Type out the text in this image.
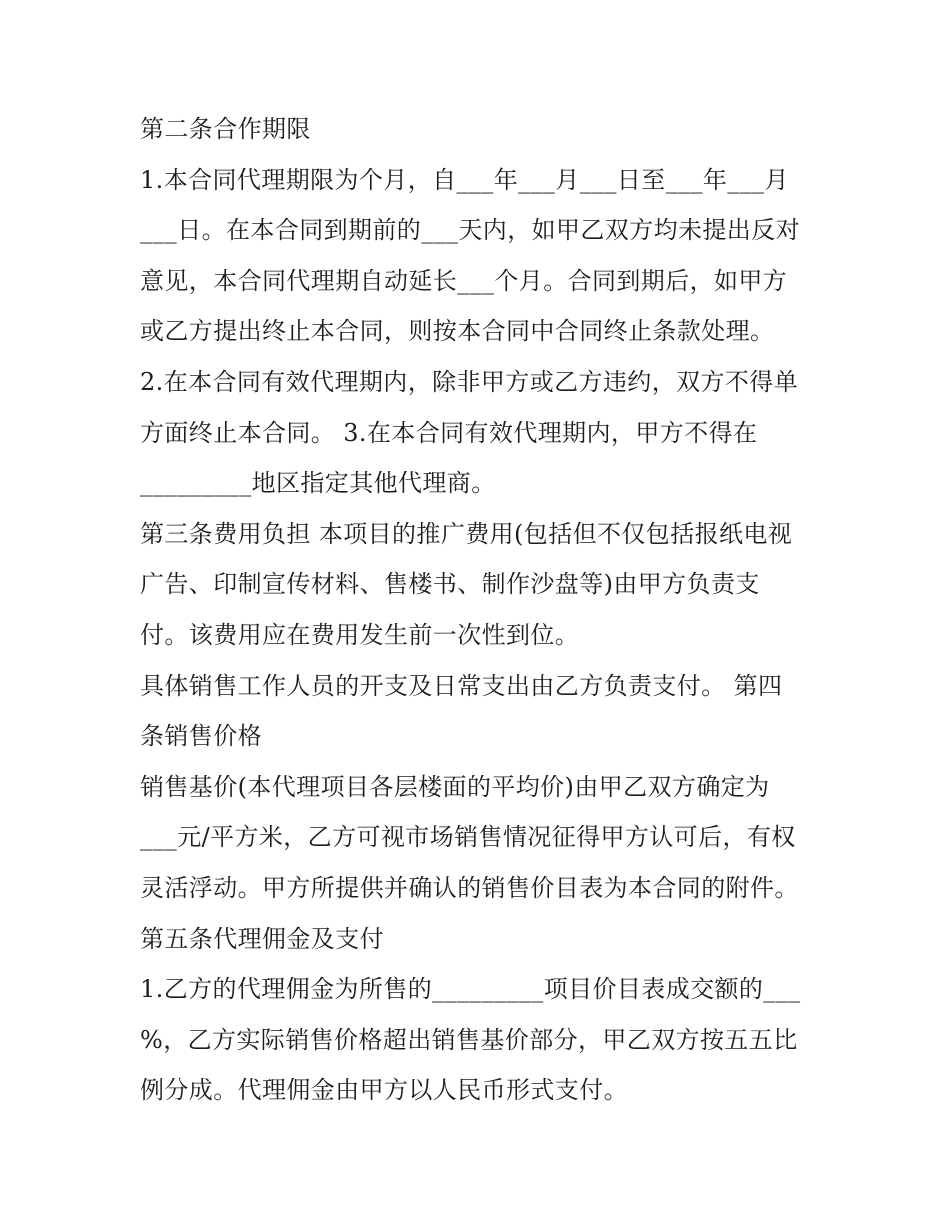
第二条合作期限
1.本合同代理期限为个月，自___年___月___日至___年___月
___日。在本合同到期前的___天内，如甲乙双方均未提出反对
意见，本合同代理期自动延长___个月。合同到期后，如甲方
或乙方提出终止本合同，则按本合同中合同终止条款处理。
2.在本合同有效代理期内，除非甲方或乙方违约，双方不得单
方面终止本合同。 3.在本合同有效代理期内，甲方不得在
_________地区指定其他代理商。
第三条费用负担 本项目的推广费用(包括但不仅包括报纸电视
广告、印制宣传材料、售楼书、制作沙盘等)由甲方负责支
付。该费用应在费用发生前一次性到位。
具体销售工作人员的开支及日常支出由乙方负责支付。 第四
条销售价格
销售基价(本代理项目各层楼面的平均价)由甲乙双方确定为
___元/平方米，乙方可视市场销售情况征得甲方认可后，有权
灵活浮动。甲方所提供并确认的销售价目表为本合同的附件。
第五条代理佣金及支付
1.乙方的代理佣金为所售的_________项目价目表成交额的___
%，乙方实际销售价格超出销售基价部分，甲乙双方按五五比
例分成。代理佣金由甲方以人民币形式支付。
